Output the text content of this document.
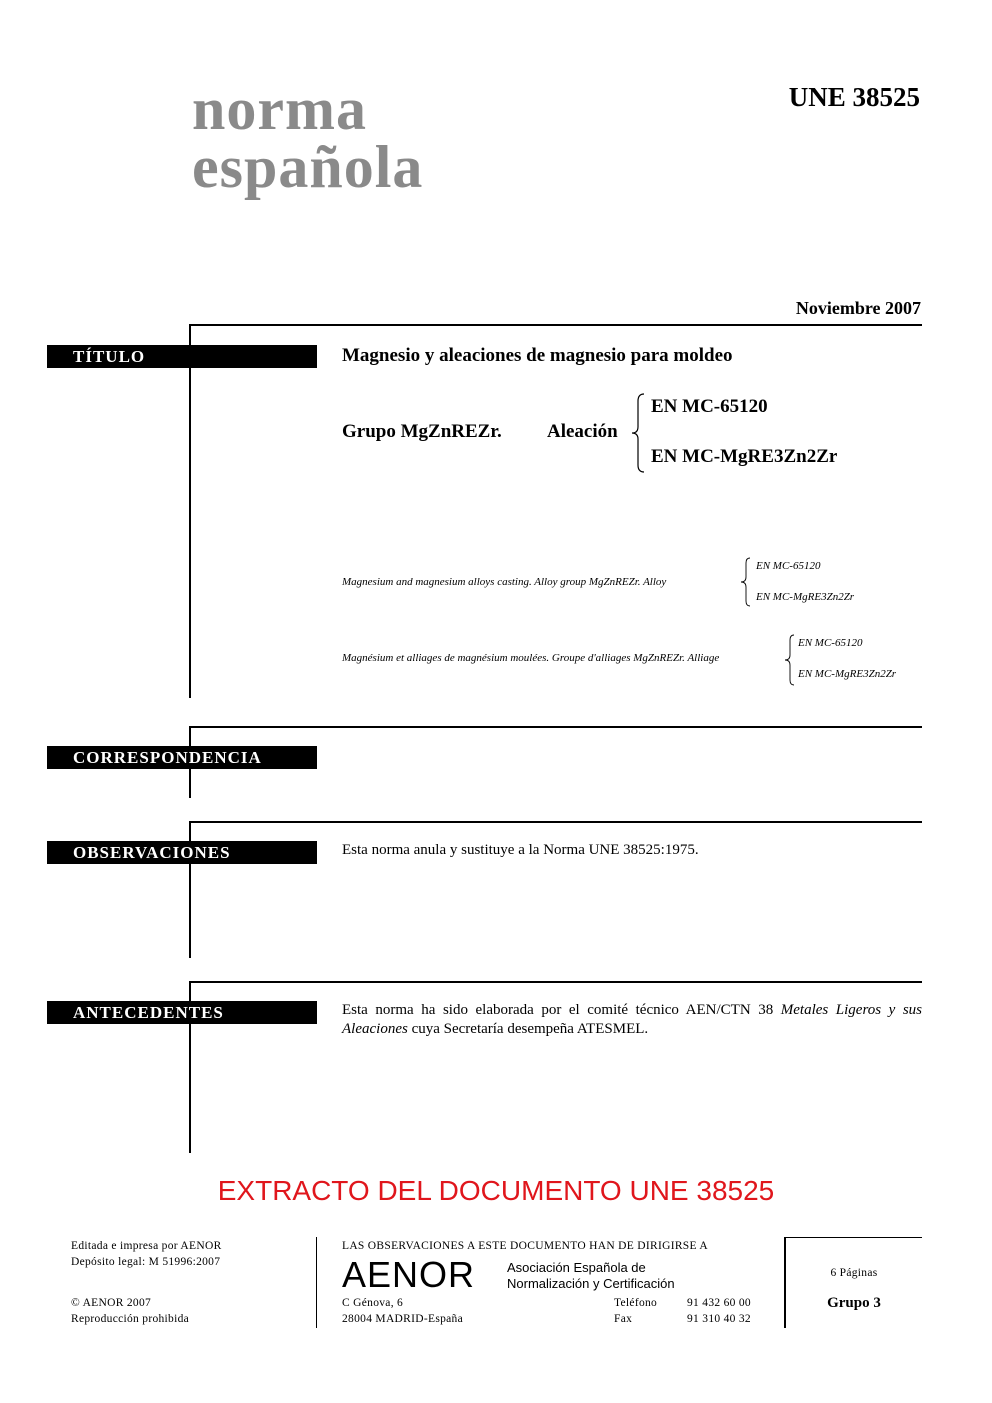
norma
española
UNE 38525
Noviembre 2007
TÍTULO	Magnesio y aleaciones de magnesio para moldeo
Grupo MgZnREZr. Aleación
EN MC-65120
EN MC-MgRE3Zn2Zr
Magnesium and magnesium alloys casting. Alloy group MgZnREZr. Alloy
EN MC-65120
EN MC-MgRE3Zn2Zr
Magnésium et alliages de magnésium moulées. Groupe d'alliages MgZnREZr. Alliage
EN MC-65120
EN MC-MgRE3Zn2Zr
CORRESPONDENCIA
OBSERVACIONES	Esta norma anula y sustituye a la Norma UNE 38525:1975.
ANTECEDENTES	Esta norma ha sido elaborada por el comité técnico AEN/CTN 38 Metales Ligeros y sus Aleaciones cuya Secretaría desempeña ATESMEL.
EXTRACTO DEL DOCUMENTO UNE 38525
Editada e impresa por AENOR
Depósito legal: M 51996:2007
© AENOR 2007
Reproducción prohibida
LAS OBSERVACIONES A ESTE DOCUMENTO HAN DE DIRIGIRSE A
AENOR Asociación Española de
Normalización y Certificación
C Génova, 6
28004 MADRID-España
Teléfono	91 432 60 00
Fax	91 310 40 32
6 Páginas
Grupo 3
